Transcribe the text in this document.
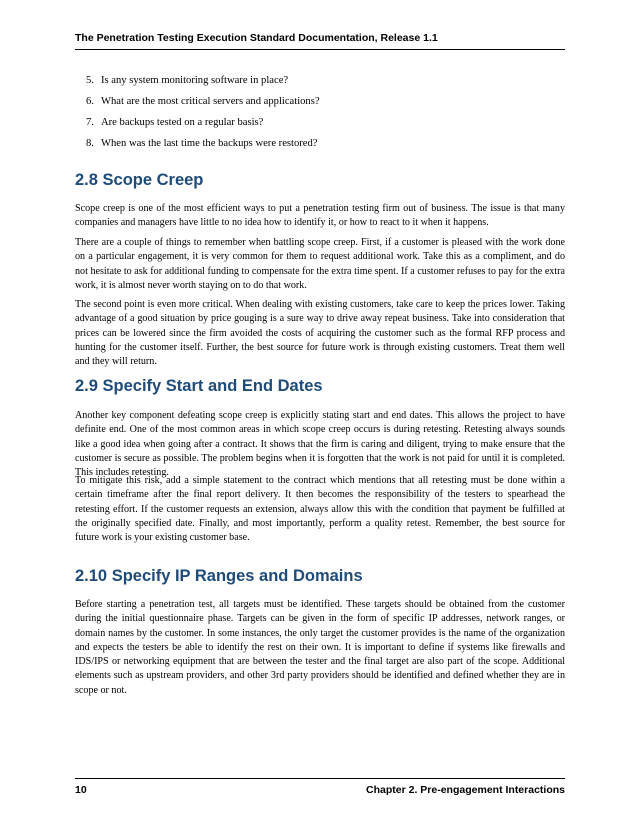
The Penetration Testing Execution Standard Documentation, Release 1.1
5. Is any system monitoring software in place?
6. What are the most critical servers and applications?
7. Are backups tested on a regular basis?
8. When was the last time the backups were restored?
2.8 Scope Creep

Scope creep is one of the most efficient ways to put a penetration testing firm out of business. The issue is that many companies and managers have little to no idea how to identify it, or how to react to it when it happens.

There are a couple of things to remember when battling scope creep. First, if a customer is pleased with the work done on a particular engagement, it is very common for them to request additional work. Take this as a compliment, and do not hesitate to ask for additional funding to compensate for the extra time spent. If a customer refuses to pay for the extra work, it is almost never worth staying on to do that work.

The second point is even more critical. When dealing with existing customers, take care to keep the prices lower. Taking advantage of a good situation by price gouging is a sure way to drive away repeat business. Take into consideration that prices can be lowered since the firm avoided the costs of acquiring the customer such as the formal RFP process and hunting for the customer itself. Further, the best source for future work is through existing customers. Treat them well and they will return.

2.9 Specify Start and End Dates

Another key component defeating scope creep is explicitly stating start and end dates. This allows the project to have definite end. One of the most common areas in which scope creep occurs is during retesting. Retesting always sounds like a good idea when going after a contract. It shows that the firm is caring and diligent, trying to make ensure that the customer is secure as possible. The problem begins when it is forgotten that the work is not paid for until it is completed. This includes retesting.

To mitigate this risk, add a simple statement to the contract which mentions that all retesting must be done within a certain timeframe after the final report delivery. It then becomes the responsibility of the testers to spearhead the retesting effort. If the customer requests an extension, always allow this with the condition that payment be fulfilled at the originally specified date. Finally, and most importantly, perform a quality retest. Remember, the best source for future work is your existing customer base.

2.10 Specify IP Ranges and Domains

Before starting a penetration test, all targets must be identified. These targets should be obtained from the customer during the initial questionnaire phase. Targets can be given in the form of specific IP addresses, network ranges, or domain names by the customer. In some instances, the only target the customer provides is the name of the organization and expects the testers be able to identify the rest on their own. It is important to define if systems like firewalls and IDS/IPS or networking equipment that are between the tester and the final target are also part of the scope. Additional elements such as upstream providers, and other 3rd party providers should be identified and defined whether they are in scope or not.

10	Chapter 2. Pre-engagement Interactions
